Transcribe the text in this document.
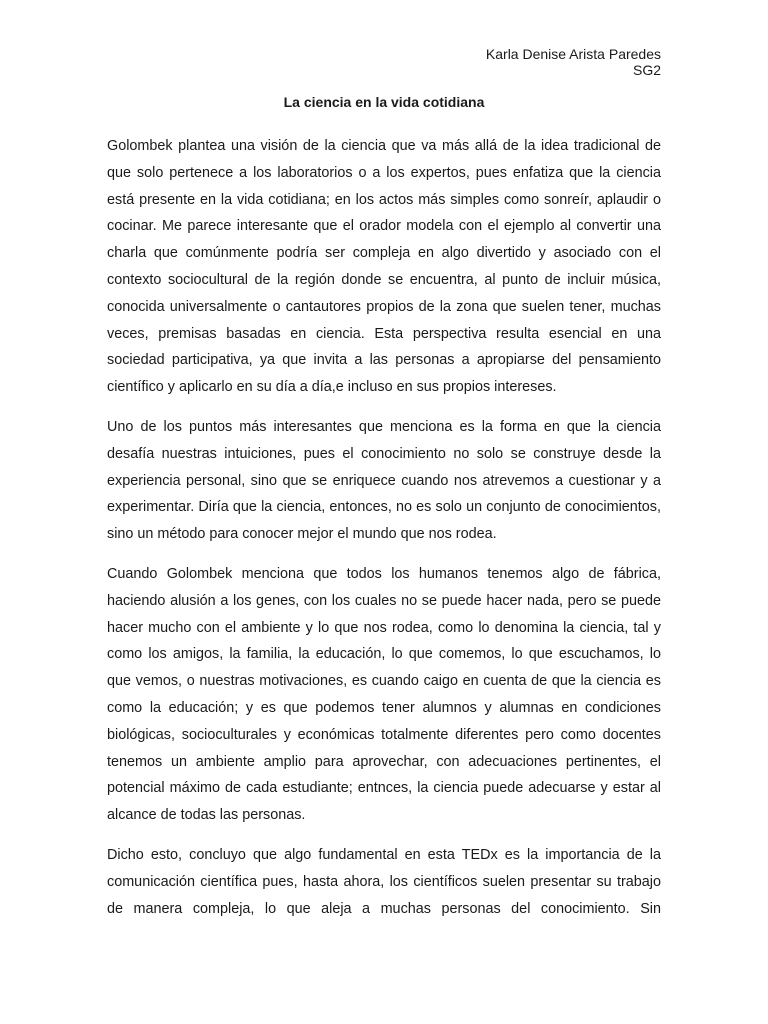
Karla Denise Arista Paredes
SG2
La ciencia en la vida cotidiana

Golombek plantea una visión de la ciencia que va más allá de la idea tradicional de que solo pertenece a los laboratorios o a los expertos, pues enfatiza que la ciencia está presente en la vida cotidiana; en los actos más simples como sonreír, aplaudir o cocinar. Me parece interesante que el orador modela con el ejemplo al convertir una charla que comúnmente podría ser compleja en algo divertido y asociado con el contexto sociocultural de la región donde se encuentra, al punto de incluir música, conocida universalmente o cantautores propios de la zona que suelen tener, muchas veces, premisas basadas en ciencia. Esta perspectiva resulta esencial en una sociedad participativa, ya que invita a las personas a apropiarse del pensamiento científico y aplicarlo en su día a día,e incluso en sus propios intereses.

Uno de los puntos más interesantes que menciona es la forma en que la ciencia desafía nuestras intuiciones, pues el conocimiento no solo se construye desde la experiencia personal, sino que se enriquece cuando nos atrevemos a cuestionar y a experimentar. Diría que la ciencia, entonces, no es solo un conjunto de conocimientos, sino un método para conocer mejor el mundo que nos rodea.

Cuando Golombek menciona que todos los humanos tenemos algo de fábrica, haciendo alusión a los genes, con los cuales no se puede hacer nada, pero se puede hacer mucho con el ambiente y lo que nos rodea, como lo denomina la ciencia, tal y como los amigos, la familia, la educación, lo que comemos, lo que escuchamos, lo que vemos, o nuestras motivaciones, es cuando caigo en cuenta de que la ciencia es como la educación; y es que podemos tener alumnos y alumnas en condiciones biológicas, socioculturales y económicas totalmente diferentes pero como docentes tenemos un ambiente amplio para aprovechar, con adecuaciones pertinentes, el potencial máximo de cada estudiante; entnces, la ciencia puede adecuarse y estar al alcance de todas las personas.

Dicho esto, concluyo que algo fundamental en esta TEDx es la importancia de la comunicación científica pues, hasta ahora, los científicos suelen presentar su trabajo de manera compleja, lo que aleja a muchas personas del conocimiento. Sin
